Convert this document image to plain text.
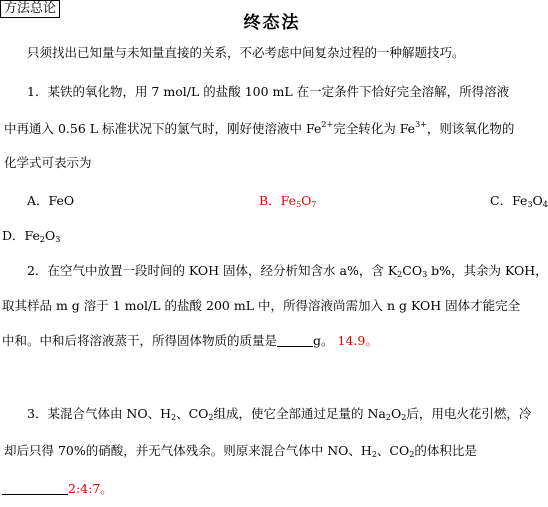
方法总论
终态法
只须找出已知量与未知量直接的关系，不必考虑中间复杂过程的一种解题技巧。
1．某铁的氧化物，用 7 mol/L 的盐酸 100 mL 在一定条件下恰好完全溶解，所得溶液
中再通入 0.56 L 标准状况下的氯气时，刚好使溶液中 $Fe^{2+}$完全转化为 $Fe^{3+}$，则该氧化物的
化学式可表示为
A．FeO	B．$Fe_5O_7$	C．$Fe_3O_4$
D．$Fe_2O_3$
2．在空气中放置一段时间的 KOH 固体，经分析知含水 a%，含 $K_2CO_3$ b%，其余为 KOH，
取其样品 m g 溶于 1 mol/L 的盐酸 200 mL 中，所得溶液尚需加入 n g KOH 固体才能完全
中和。中和后将溶液蒸干，所得固体物质的质量是	g。 14.9。
3．某混合气体由 NO、$H_2$、$CO_2$组成，使它全部通过足量的 $Na_2O_2$后，用电火花引燃，冷
却后只得 70%的硝酸，并无气体残余。则原来混合气体中 NO、$H_2$、$CO_2$的体积比是
2:4:7。
